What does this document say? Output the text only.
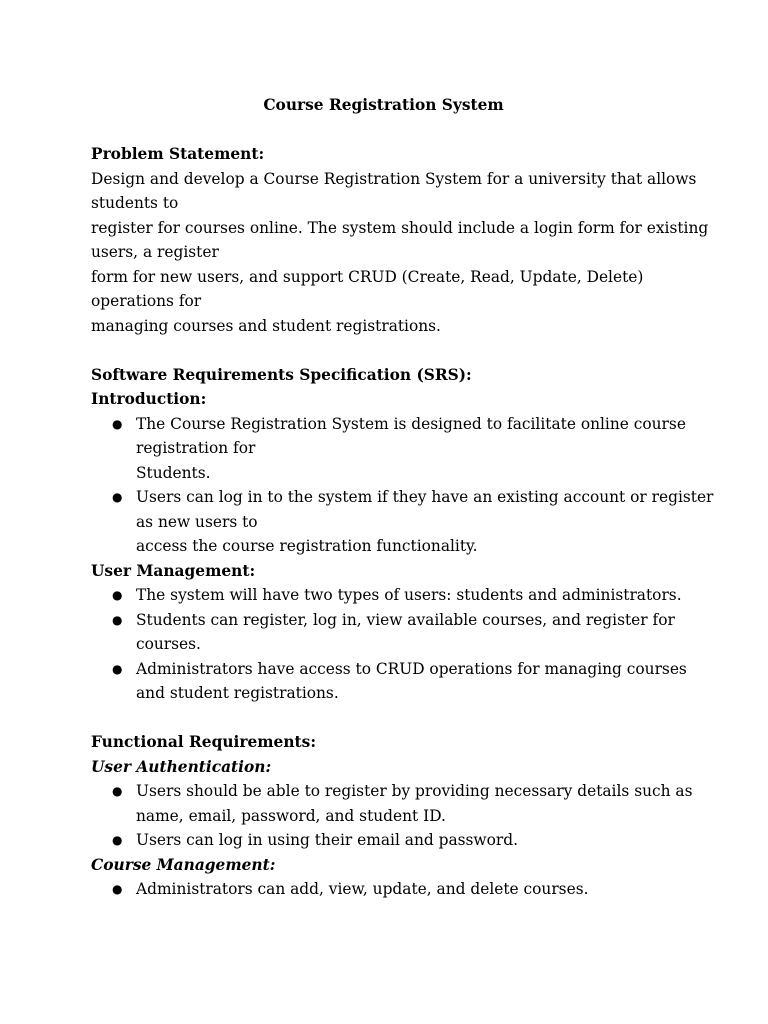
Course Registration System
Problem Statement:
Design and develop a Course Registration System for a university that allows
students to
register for courses online. The system should include a login form for existing
users, a register
form for new users, and support CRUD (Create, Read, Update, Delete)
operations for
managing courses and student registrations.
Software Requirements Specification (SRS):
Introduction:
● The Course Registration System is designed to facilitate online course
registration for
Students.
● Users can log in to the system if they have an existing account or register
as new users to
access the course registration functionality.
User Management:
● The system will have two types of users: students and administrators.
● Students can register, log in, view available courses, and register for
courses.
● Administrators have access to CRUD operations for managing courses
and student registrations.
Functional Requirements:
User Authentication:
● Users should be able to register by providing necessary details such as
name, email, password, and student ID.
● Users can log in using their email and password.
Course Management:
● Administrators can add, view, update, and delete courses.
